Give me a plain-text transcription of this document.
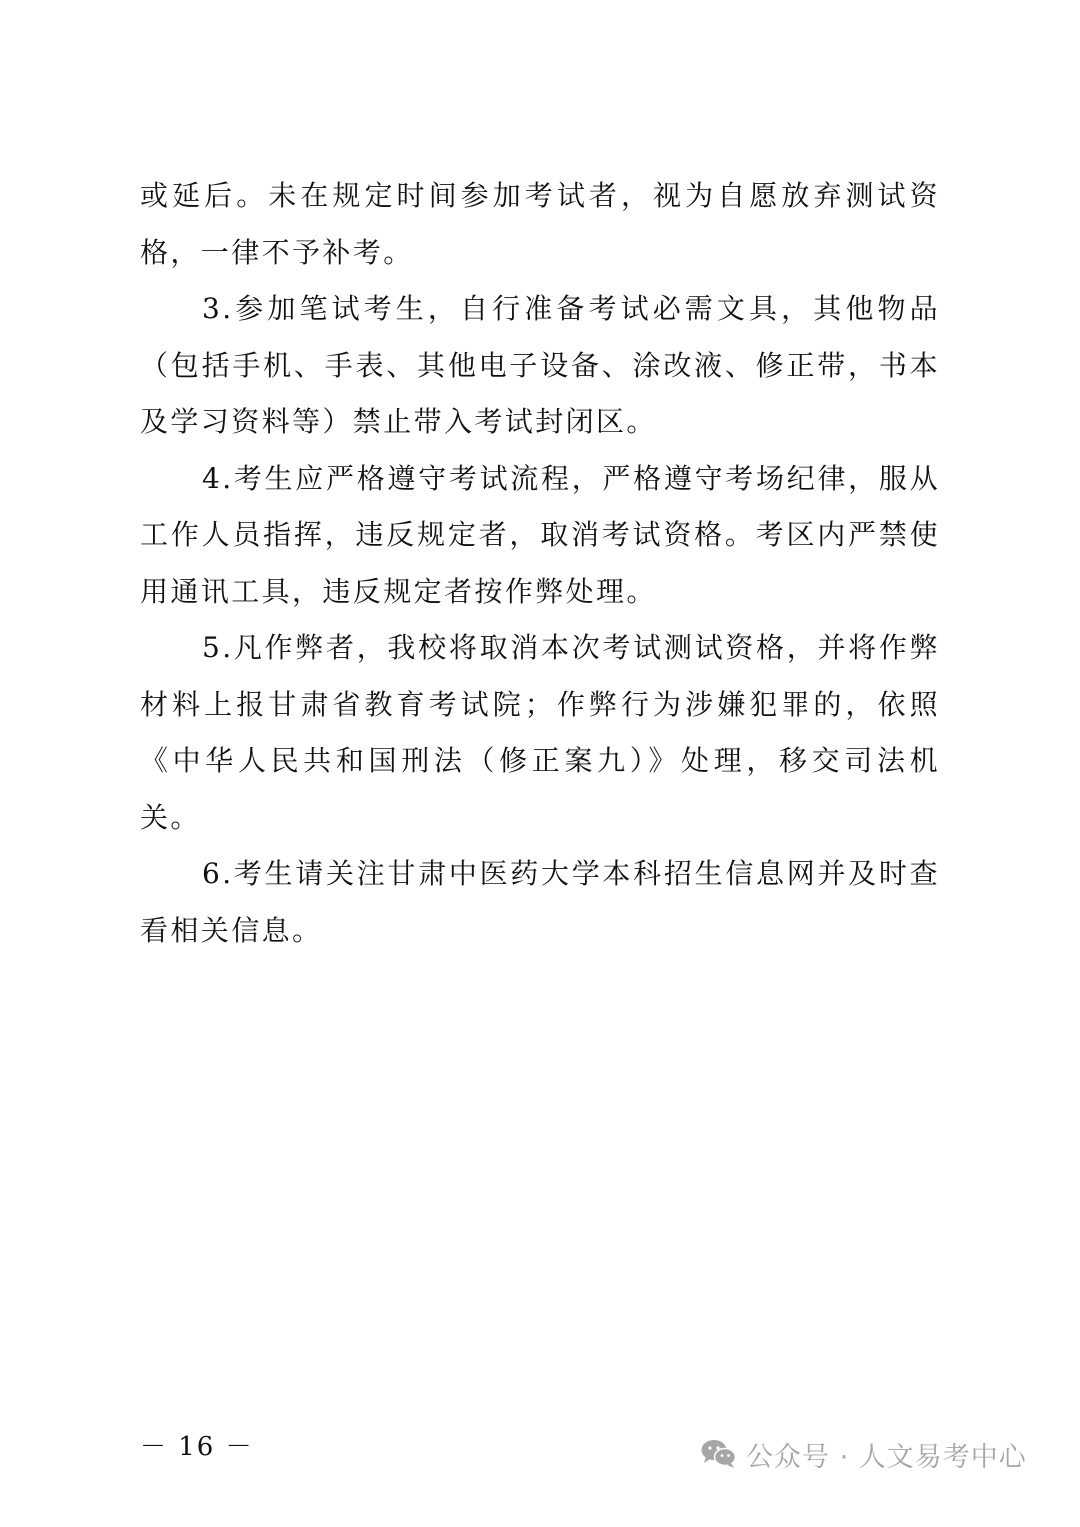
或延后。未在规定时间参加考试者，视为自愿放弃测试资格，一律不予补考。

3.参加笔试考生，自行准备考试必需文具，其他物品（包括手机、手表、其他电子设备、涂改液、修正带，书本及学习资料等）禁止带入考试封闭区。

4.考生应严格遵守考试流程，严格遵守考场纪律，服从工作人员指挥，违反规定者，取消考试资格。考区内严禁使用通讯工具，违反规定者按作弊处理。

5.凡作弊者，我校将取消本次考试测试资格，并将作弊材料上报甘肃省教育考试院；作弊行为涉嫌犯罪的，依照《中华人民共和国刑法（修正案九）》处理，移交司法机关。

6.考生请关注甘肃中医药大学本科招生信息网并及时查看相关信息。

－ 16 －	公众号 · 人文易考中心
